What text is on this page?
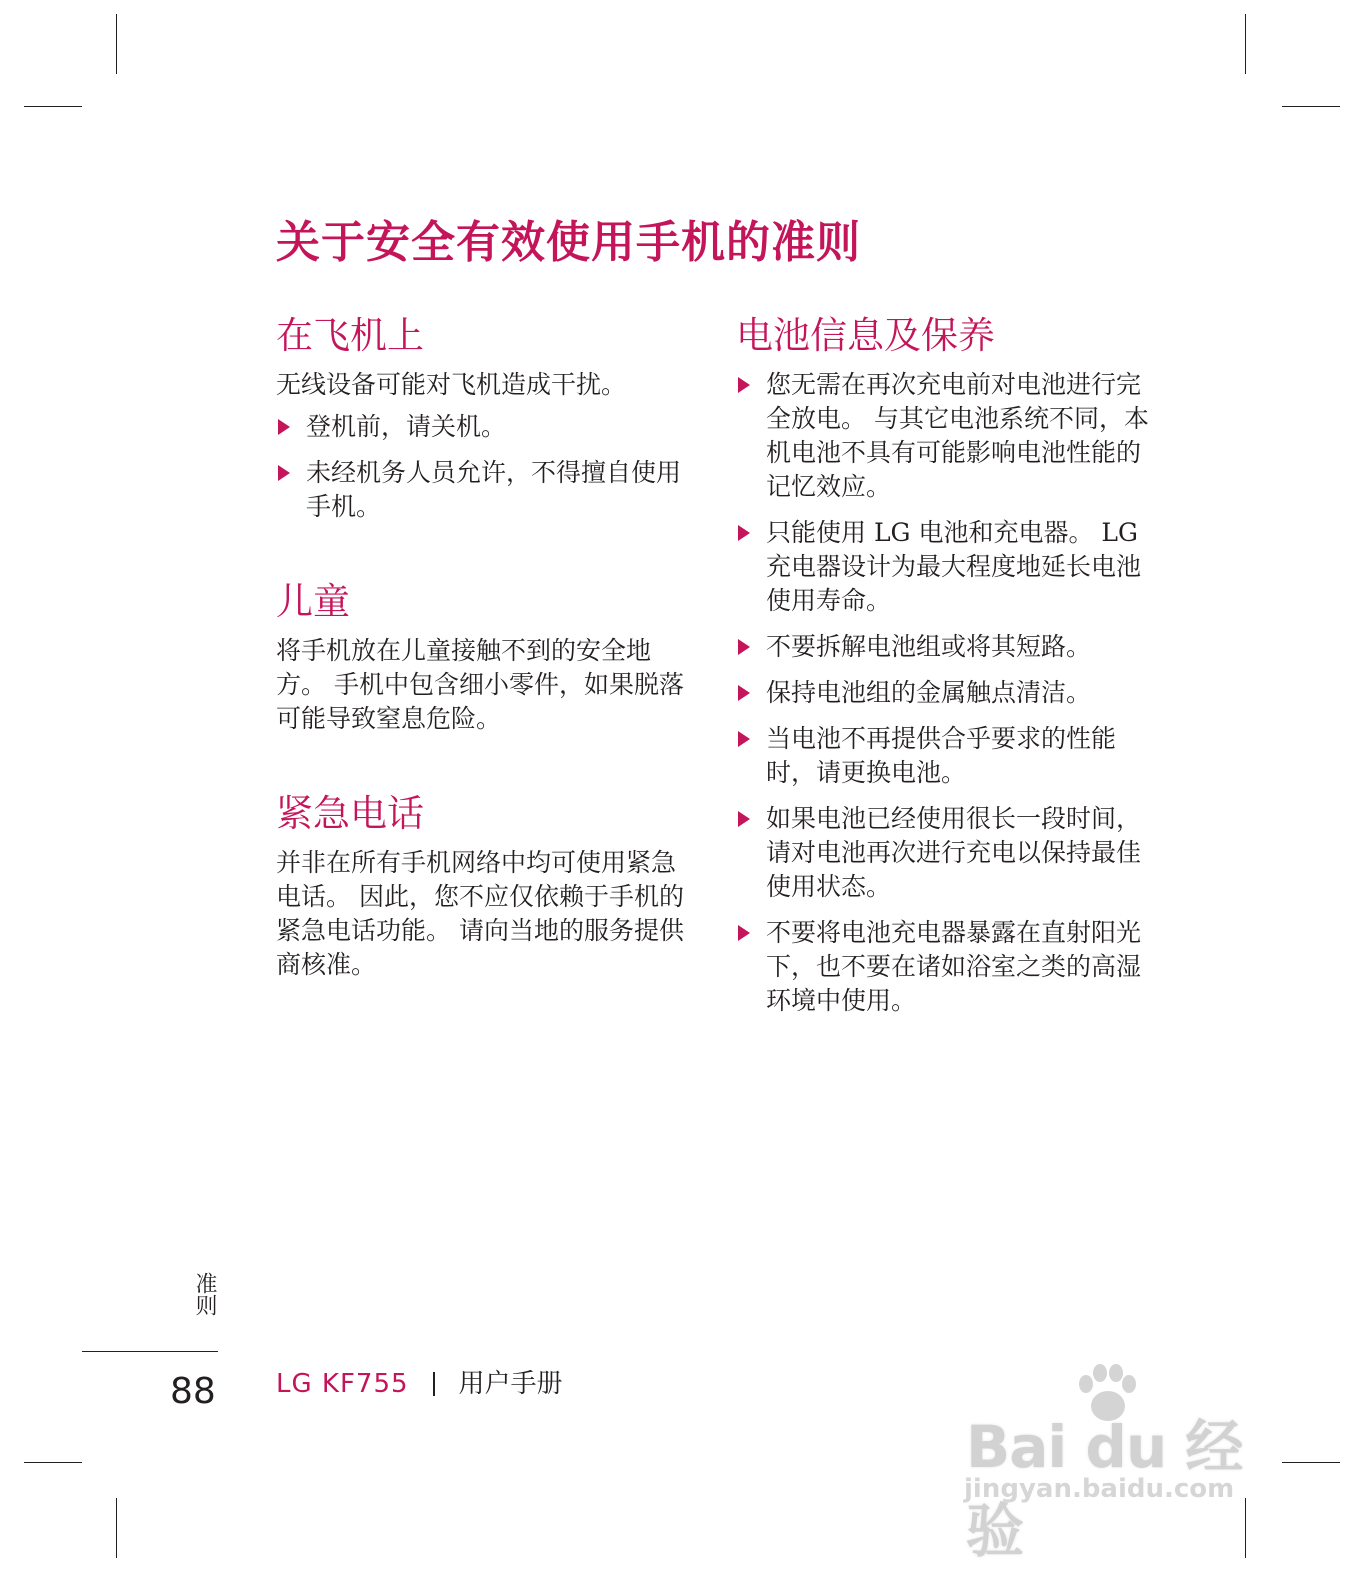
关于安全有效使用手机的准则
在飞机上

无线设备可能对飞机造成干扰。

登机前，请关机。
未经机务人员允许，不得擅自使用手机。
儿童

将手机放在儿童接触不到的安全地方。 手机中包含细小零件，如果脱落可能导致窒息危险。

紧急电话

并非在所有手机网络中均可使用紧急电话。 因此，您不应仅依赖于手机的紧急电话功能。 请向当地的服务提供商核准。

电池信息及保养
您无需在再次充电前对电池进行完全放电。 与其它电池系统不同，本机电池不具有可能影响电池性能的记忆效应。
只能使用 LG 电池和充电器。 LG 充电器设计为最大程度地延长电池使用寿命。
不要拆解电池组或将其短路。
保持电池组的金属触点清洁。
当电池不再提供合乎要求的性能时，请更换电池。
如果电池已经使用很长一段时间，请对电池再次进行充电以保持最佳使用状态。
不要将电池充电器暴露在直射阳光下，也不要在诸如浴室之类的高湿环境中使用。
准则
88 LG KF755 用户手册
Bai du 经验
jingyan.baidu.com
